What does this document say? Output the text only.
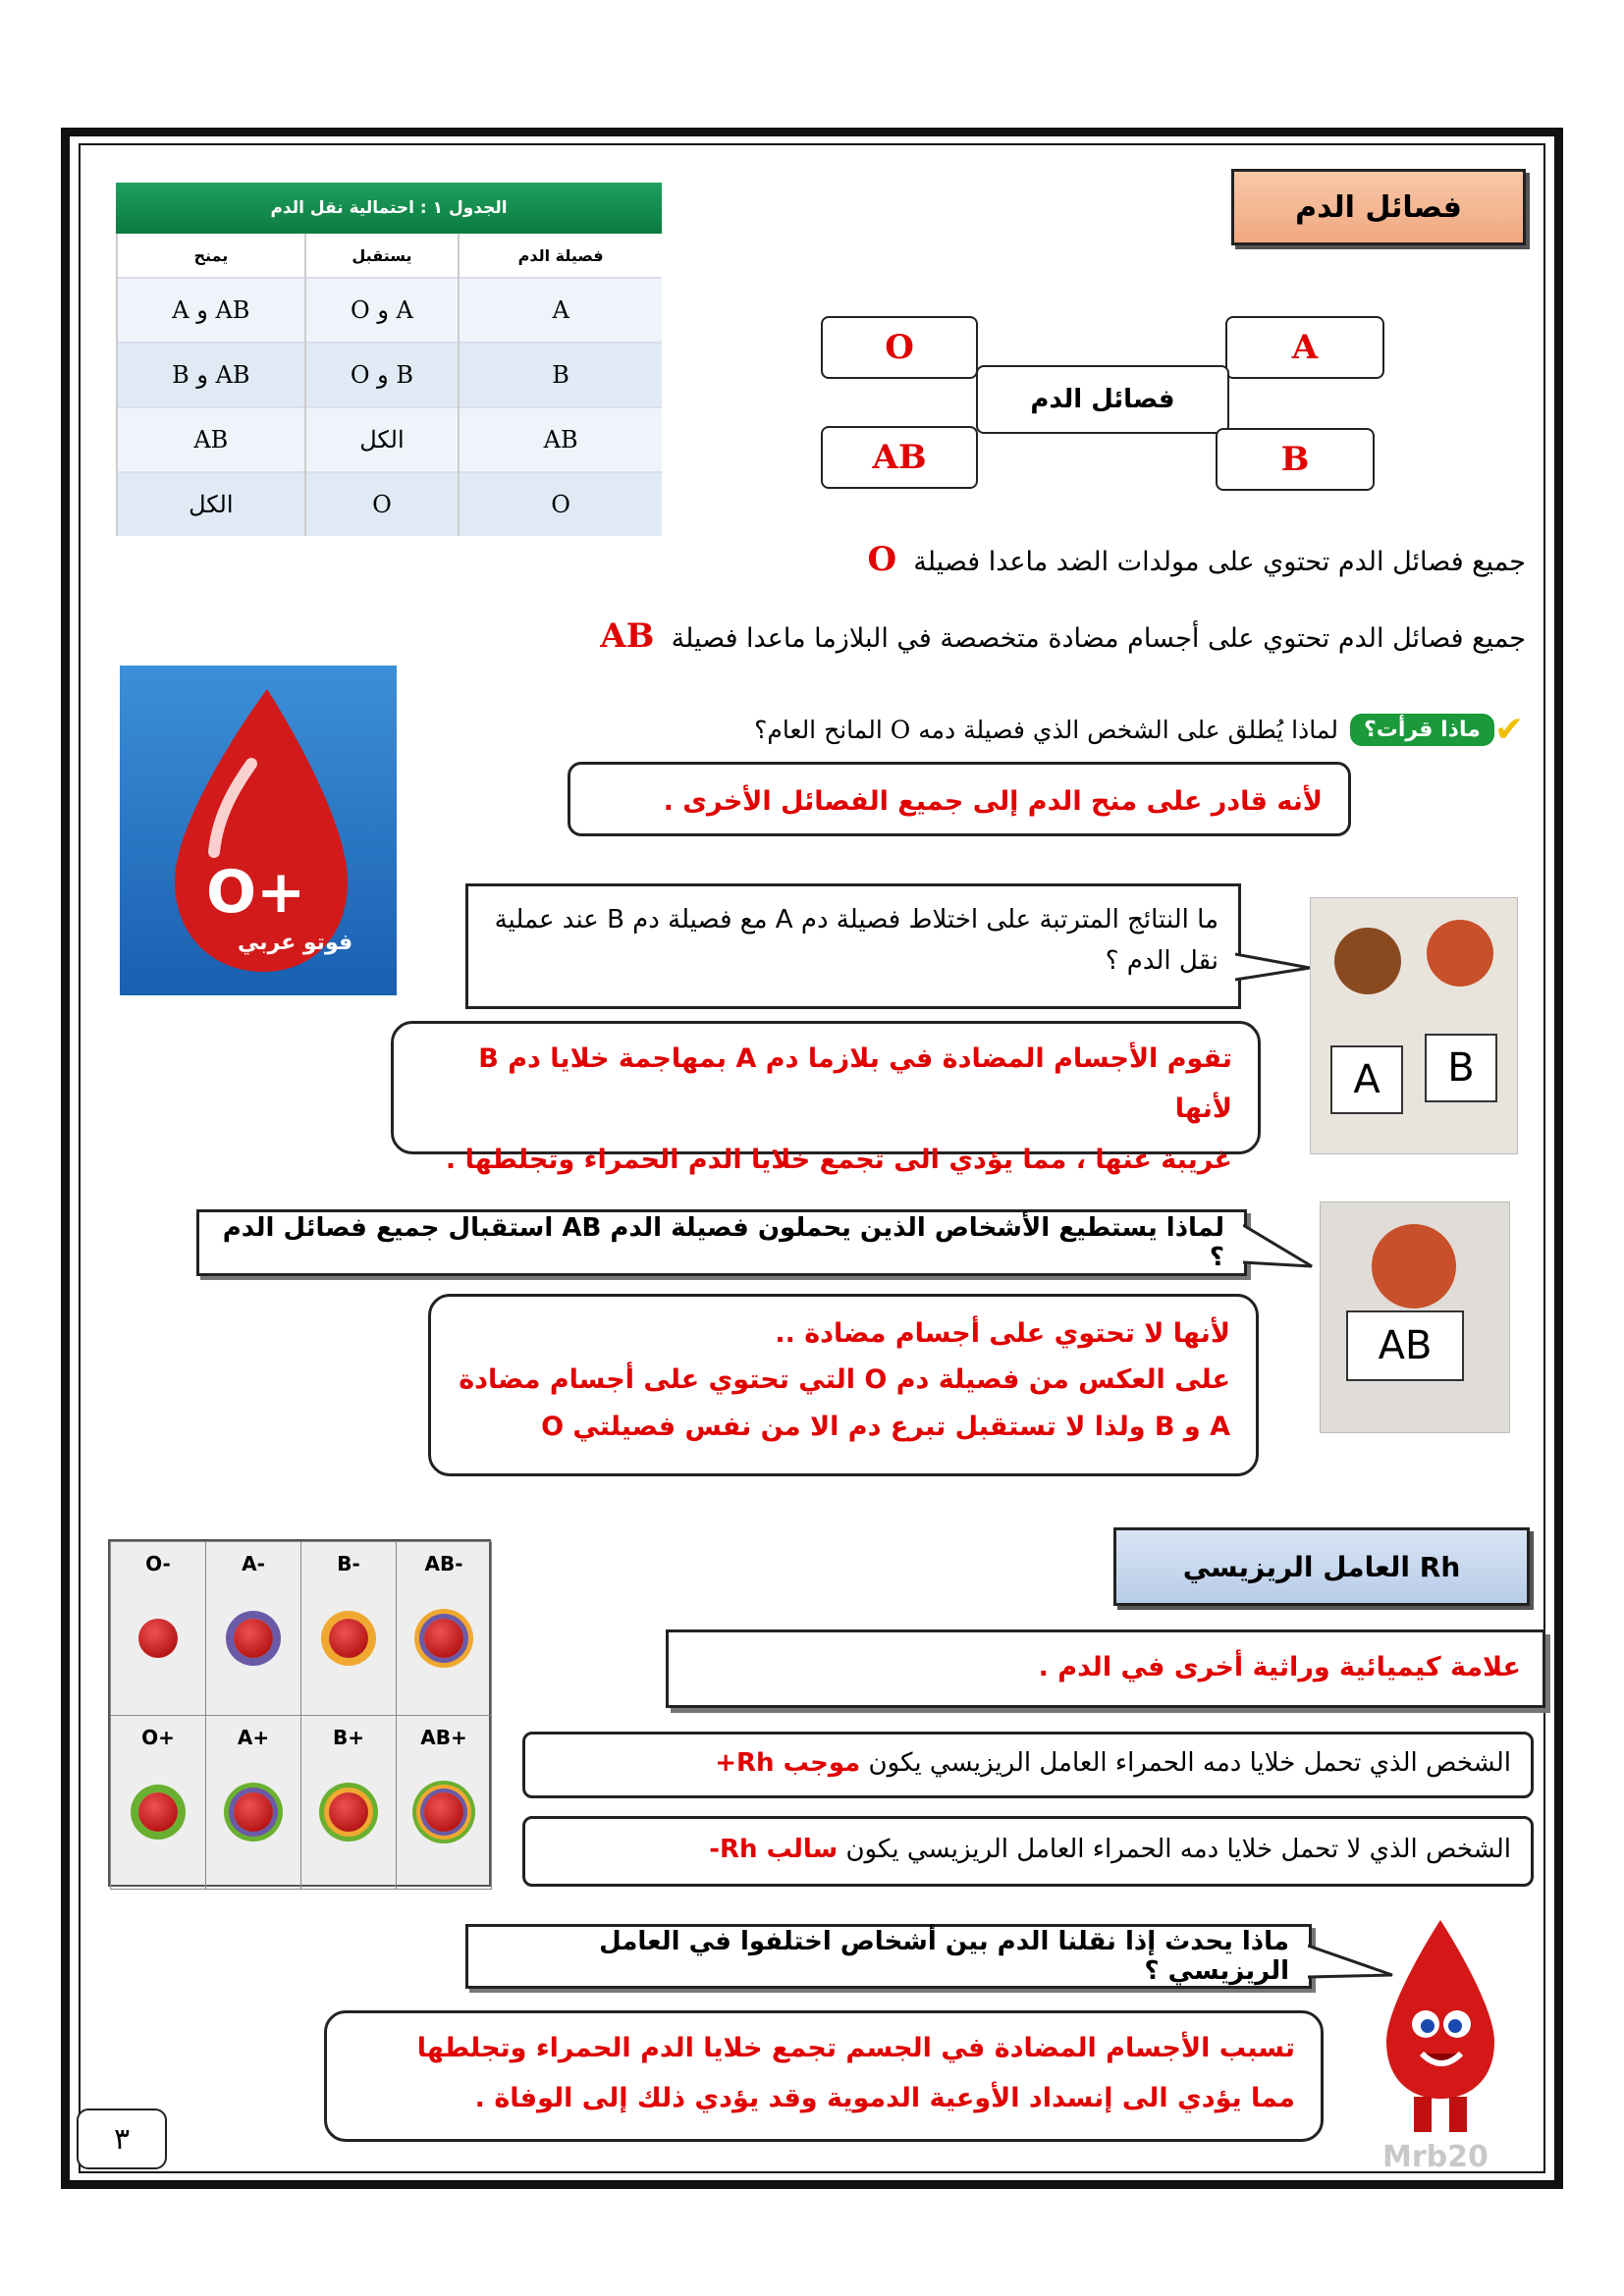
فصائل الدم
الجدول ١ : احتمالية نقل الدم
فصيلة الدم	يستقبل	يمنح
A	A و O	AB و A
B	B و O	AB و B
AB	الكل	AB
O	O	الكل
O	A
فصائل الدم
AB	B
جميع فصائل الدم تحتوي على مولدات الضد ماعدا فصيلة  O
جميع فصائل الدم تحتوي على أجسام مضادة متخصصة في البلازما ماعدا فصيلة  AB
O+
فوتو عربي
✔
ماذا قرأت؟
لماذا يُطلق على الشخص الذي فصيلة دمه O المانح العام؟
لأنه قادر على منح الدم إلى جميع الفصائل الأخرى .
ما النتائج المترتبة على اختلاط فصيلة دم A مع فصيلة دم B عند عملية نقل الدم ؟
تقوم الأجسام المضادة في بلازما دم A بمهاجمة خلايا دم B لأنها
غريبة عنها ، مما يؤدي الى تجمع خلايا الدم الحمراء وتجلطها .
A	B
لماذا يستطيع الأشخاص الذين يحملون فصيلة الدم AB استقبال جميع فصائل الدم ؟
لأنها لا تحتوي على أجسام مضادة ..
على العكس من فصيلة دم O التي تحتوي على أجسام مضادة
A و B ولذا لا تستقبل تبرع دم الا من نفس فصيلتي O
AB
O-	A-	B-	AB-
O+	A+	B+	AB+
العامل الريزيسي Rh
علامة كيميائية وراثية أخرى في الدم .
الشخص الذي تحمل خلايا دمه الحمراء العامل الريزيسي يكون موجب Rh+
الشخص الذي لا تحمل خلايا دمه الحمراء العامل الريزيسي يكون سالب Rh-
ماذا يحدث إذا نقلنا الدم بين أشخاص اختلفوا في العامل الريزيسي ؟
تسبب الأجسام المضادة في الجسم تجمع خلايا الدم الحمراء وتجلطها
مما يؤدي الى إنسداد الأوعية الدموية وقد يؤدي ذلك إلى الوفاة .
٣
Mrb20
